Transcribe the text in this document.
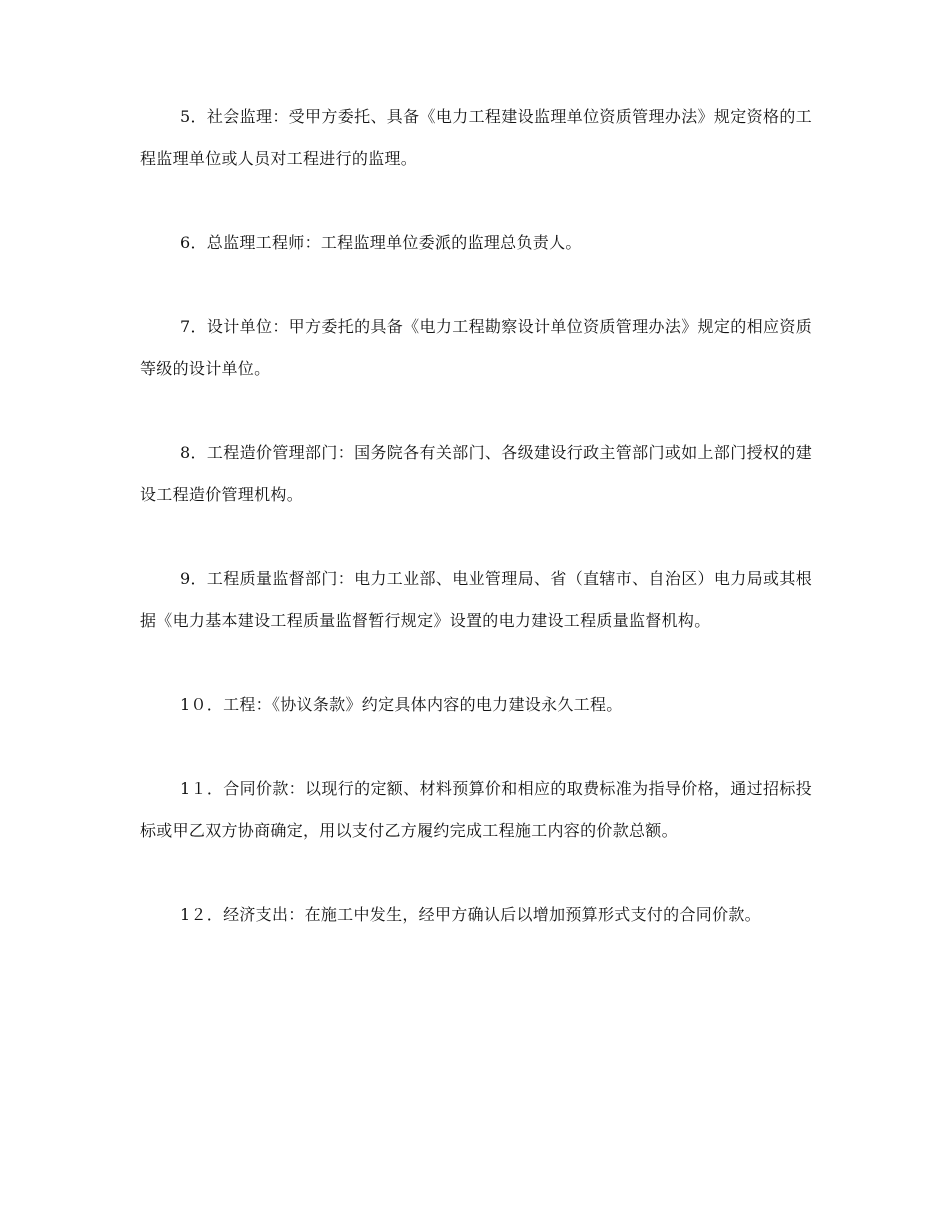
5．社会监理：受甲方委托、具备《电力工程建设监理单位资质管理办法》规定资格的工程监理单位或人员对工程进行的监理。

6．总监理工程师：工程监理单位委派的监理总负责人。

7．设计单位：甲方委托的具备《电力工程勘察设计单位资质管理办法》规定的相应资质等级的设计单位。

8．工程造价管理部门：国务院各有关部门、各级建设行政主管部门或如上部门授权的建设工程造价管理机构。

9．工程质量监督部门：电力工业部、电业管理局、省（直辖市、自治区）电力局或其根据《电力基本建设工程质量监督暂行规定》设置的电力建设工程质量监督机构。

1０．工程：《协议条款》约定具体内容的电力建设永久工程。

1１．合同价款：以现行的定额、材料预算价和相应的取费标准为指导价格，通过招标投标或甲乙双方协商确定，用以支付乙方履约完成工程施工内容的价款总额。

1２．经济支出：在施工中发生，经甲方确认后以增加预算形式支付的合同价款。
